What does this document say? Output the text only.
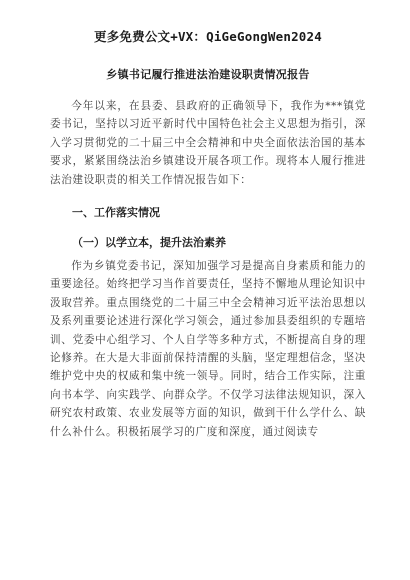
更多免费公文+VX：QiGeGongWen2024

乡镇书记履行推进法治建设职责情况报告

今年以来，在县委、县政府的正确领导下，我作为***镇党委书记，坚持以习近平新时代中国特色社会主义思想为指引，深入学习贯彻党的二十届三中全会精神和中央全面依法治国的基本要求，紧紧围绕法治乡镇建设开展各项工作。现将本人履行推进法治建设职责的相关工作情况报告如下：

一、工作落实情况

（一）以学立本，提升法治素养

作为乡镇党委书记，深知加强学习是提高自身素质和能力的重要途径。始终把学习当作首要责任，坚持不懈地从理论知识中汲取营养。重点围绕党的二十届三中全会精神习近平法治思想以及系列重要论述进行深化学习领会，通过参加县委组织的专题培训、党委中心组学习、个人自学等多种方式，不断提高自身的理论修养。在大是大非面前保持清醒的头脑，坚定理想信念，坚决维护党中央的权威和集中统一领导。同时，结合工作实际，注重向书本学、向实践学、向群众学。不仅学习法律法规知识，深入研究农村政策、农业发展等方面的知识，做到干什么学什么、缺什么补什么。积极拓展学习的广度和深度，通过阅读专
